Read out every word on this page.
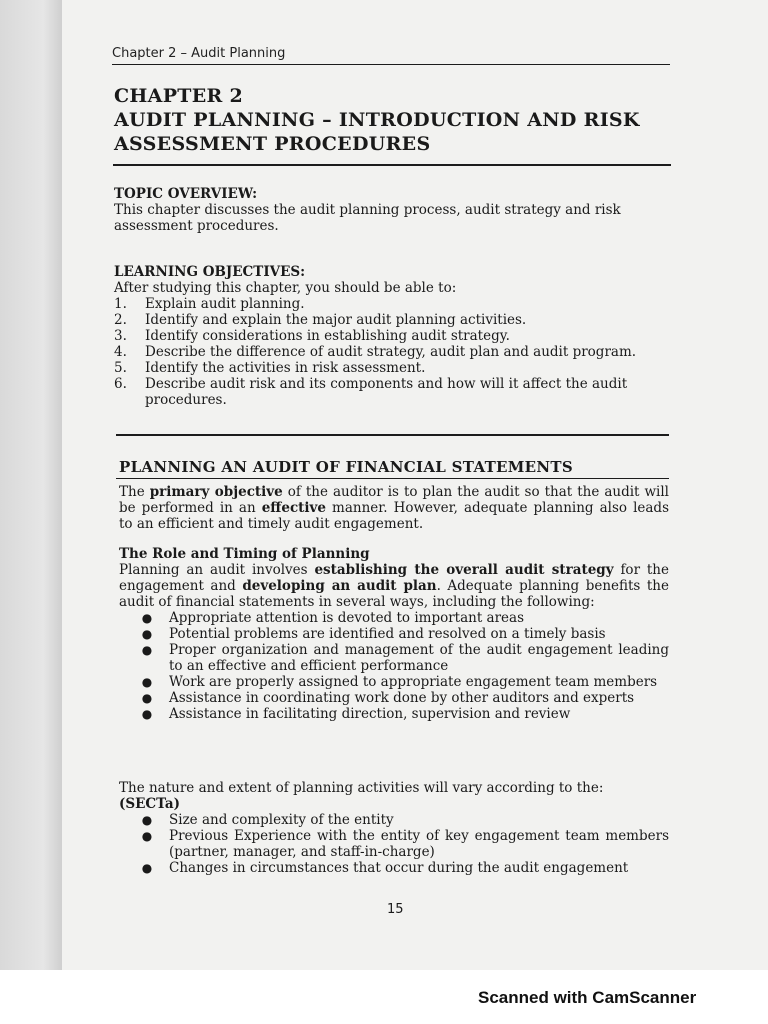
Chapter 2 – Audit Planning
CHAPTER 2
AUDIT PLANNING – INTRODUCTION AND RISK
ASSESSMENT PROCEDURES
TOPIC OVERVIEW:

This chapter discusses the audit planning process, audit strategy and risk assessment procedures.

LEARNING OBJECTIVES:

After studying this chapter, you should be able to:

1.	Explain audit planning.
2.	Identify and explain the major audit planning activities.
3.	Identify considerations in establishing audit strategy.
4.	Describe the difference of audit strategy, audit plan and audit program.
5.	Identify the activities in risk assessment.
6.	Describe audit risk and its components and how will it affect the audit procedures.
PLANNING AN AUDIT OF FINANCIAL STATEMENTS
The primary objective of the auditor is to plan the audit so that the audit will be performed in an effective manner. However, adequate planning also leads to an efficient and timely audit engagement.
The Role and Timing of Planning
Planning an audit involves establishing the overall audit strategy for the engagement and developing an audit plan. Adequate planning benefits the audit of financial statements in several ways, including the following:
●	Appropriate attention is devoted to important areas
●	Potential problems are identified and resolved on a timely basis
●	Proper organization and management of the audit engagement leading to an effective and efficient performance
●	Work are properly assigned to appropriate engagement team members
●	Assistance in coordinating work done by other auditors and experts
●	Assistance in facilitating direction, supervision and review
The nature and extent of planning activities will vary according to the:
(SECTa)
●	Size and complexity of the entity
●	Previous Experience with the entity of key engagement team members (partner, manager, and staff-in-charge)
●	Changes in circumstances that occur during the audit engagement
15
Scanned with CamScanner
